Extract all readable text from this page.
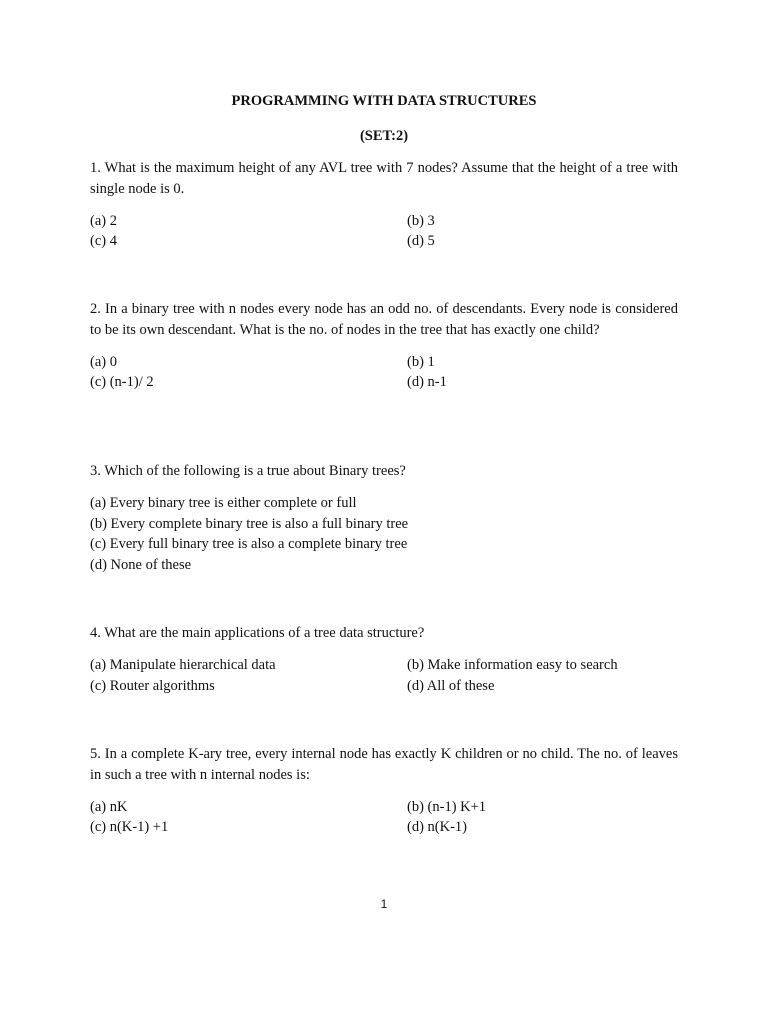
PROGRAMMING WITH DATA STRUCTURES
(SET:2)

1. What is the maximum height of any AVL tree with 7 nodes? Assume that the height of a tree with single node is 0.

(a) 2	(b) 3
(c) 4	(d) 5

2. In a binary tree with n nodes every node has an odd no. of descendants. Every node is considered to be its own descendant. What is the no. of nodes in the tree that has exactly one child?

(a) 0	(b) 1
(c) (n-1)/ 2	(d) n-1

3. Which of the following is a true about Binary trees?

(a) Every binary tree is either complete or full
(b) Every complete binary tree is also a full binary tree
(c) Every full binary tree is also a complete binary tree
(d) None of these

4. What are the main applications of a tree data structure?

(a) Manipulate hierarchical data	(b) Make information easy to search
(c) Router algorithms	(d) All of these

5. In a complete K-ary tree, every internal node has exactly K children or no child. The no. of leaves in such a tree with n internal nodes is:

(a) nK	(b) (n-1) K+1
(c) n(K-1) +1	(d) n(K-1)
1
